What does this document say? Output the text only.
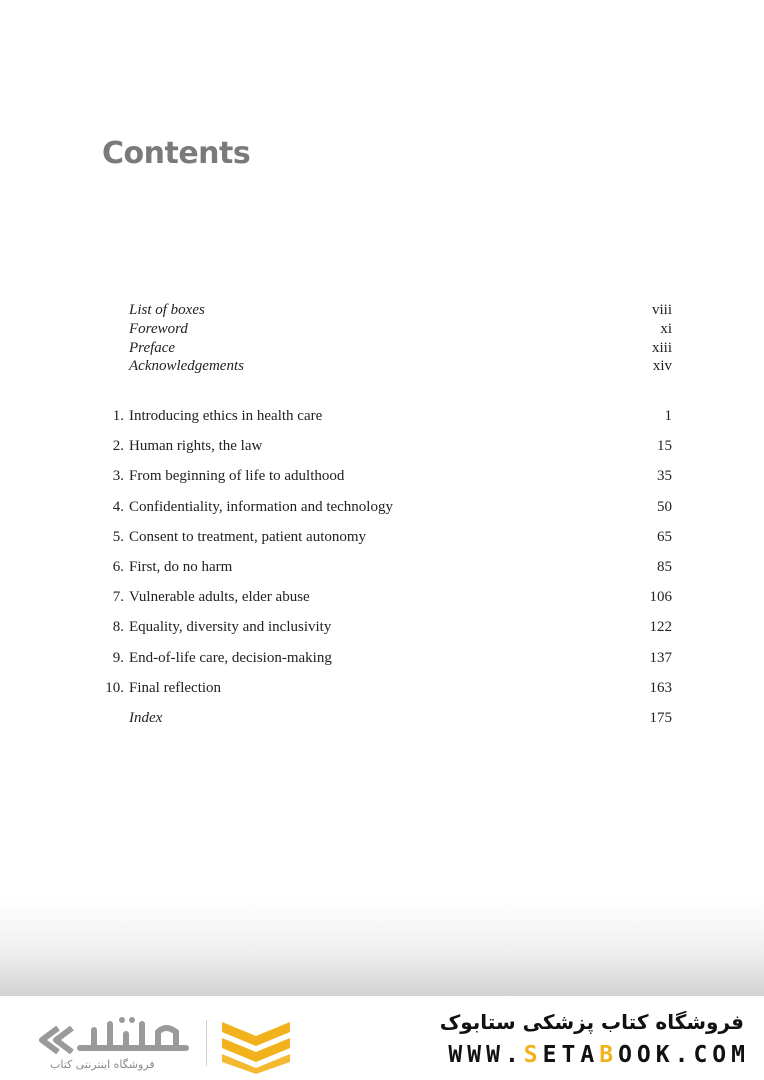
Contents
List of boxes	viii
Foreword	xi
Preface	xiii
Acknowledgements	xiv
1. Introducing ethics in health care	1
2. Human rights, the law	15
3. From beginning of life to adulthood	35
4. Confidentiality, information and technology	50
5. Consent to treatment, patient autonomy	65
6. First, do no harm	85
7. Vulnerable adults, elder abuse	106
8. Equality, diversity and inclusivity	122
9. End-of-life care, decision-making	137
10. Final reflection	163
Index	175
فروشگاه اینترنتی کتاب
فروشگاه کتاب پزشکی ستابوک
WWW.SETABOOK.COM
